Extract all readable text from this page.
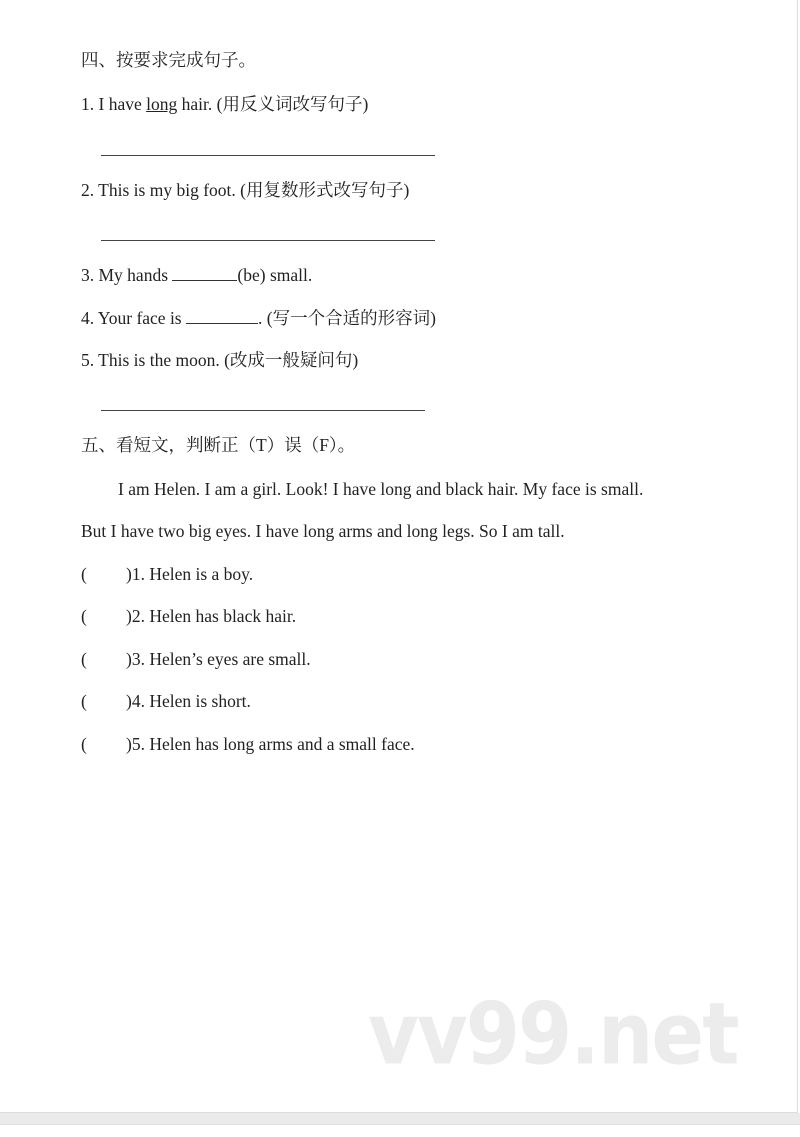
四、按要求完成句子。
1. I have long hair. (用反义词改写句子)
2. This is my big foot. (用复数形式改写句子)
3. My hands	(be) small.
4. Your face is	. (写一个合适的形容词)
5. This is the moon. (改成一般疑问句)
五、看短文，判断正（T）误（F）。
I am Helen. I am a girl. Look! I have long and black hair. My face is small.
But I have two big eyes. I have long arms and long legs. So I am tall.
( )1. Helen is a boy.
( )2. Helen has black hair.
( )3. Helen’s eyes are small.
( )4. Helen is short.
( )5. Helen has long arms and a small face.
vv99.net
